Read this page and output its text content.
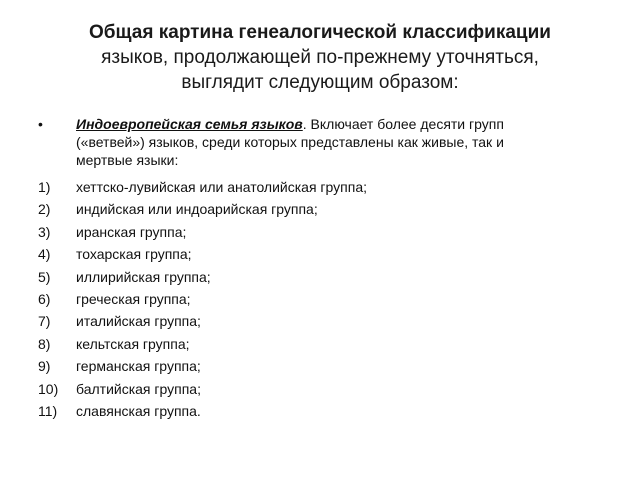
Общая картина генеалогической классификации
языков, продолжающей по-прежнему уточняться,
выглядит следующим образом:
• Индоевропейская семья языков. Включает более десяти групп
(«ветвей») языков, среди которых представлены как живые, так и
мертвые языки:
1) хеттско-лувийская или анатолийская группа;
2) индийская или индоарийская группа;
3) иранская группа;
4) тохарская группа;
5) иллирийская группа;
6) греческая группа;
7) италийская группа;
8) кельтская группа;
9) германская группа;
10) балтийская группа;
11) славянская группа.
